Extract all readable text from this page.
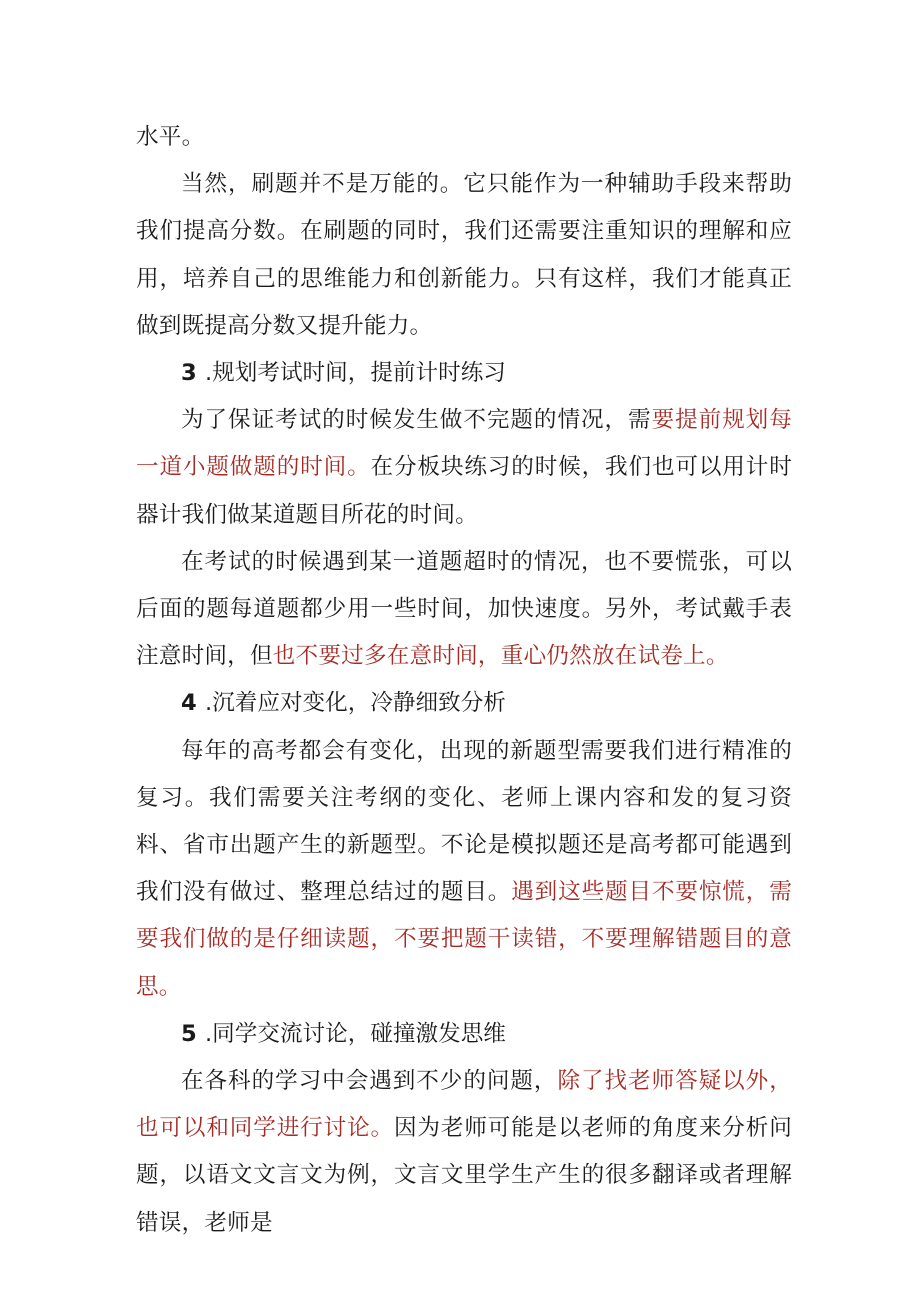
水平。

当然，刷题并不是万能的。它只能作为一种辅助手段来帮助我们提高分数。在刷题的同时，我们还需要注重知识的理解和应用，培养自己的思维能力和创新能力。只有这样，我们才能真正做到既提高分数又提升能力。

3 .规划考试时间，提前计时练习

为了保证考试的时候发生做不完题的情况，需要提前规划每一道小题做题的时间。在分板块练习的时候，我们也可以用计时器计我们做某道题目所花的时间。

在考试的时候遇到某一道题超时的情况，也不要慌张，可以后面的题每道题都少用一些时间，加快速度。另外，考试戴手表注意时间，但也不要过多在意时间，重心仍然放在试卷上。

4 .沉着应对变化，冷静细致分析

每年的高考都会有变化，出现的新题型需要我们进行精准的复习。我们需要关注考纲的变化、老师上课内容和发的复习资料、省市出题产生的新题型。不论是模拟题还是高考都可能遇到我们没有做过、整理总结过的题目。遇到这些题目不要惊慌，需要我们做的是仔细读题，不要把题干读错，不要理解错题目的意思。

5 .同学交流讨论，碰撞激发思维

在各科的学习中会遇到不少的问题，除了找老师答疑以外，也可以和同学进行讨论。因为老师可能是以老师的角度来分析问题，以语文文言文为例，文言文里学生产生的很多翻译或者理解错误，老师是
